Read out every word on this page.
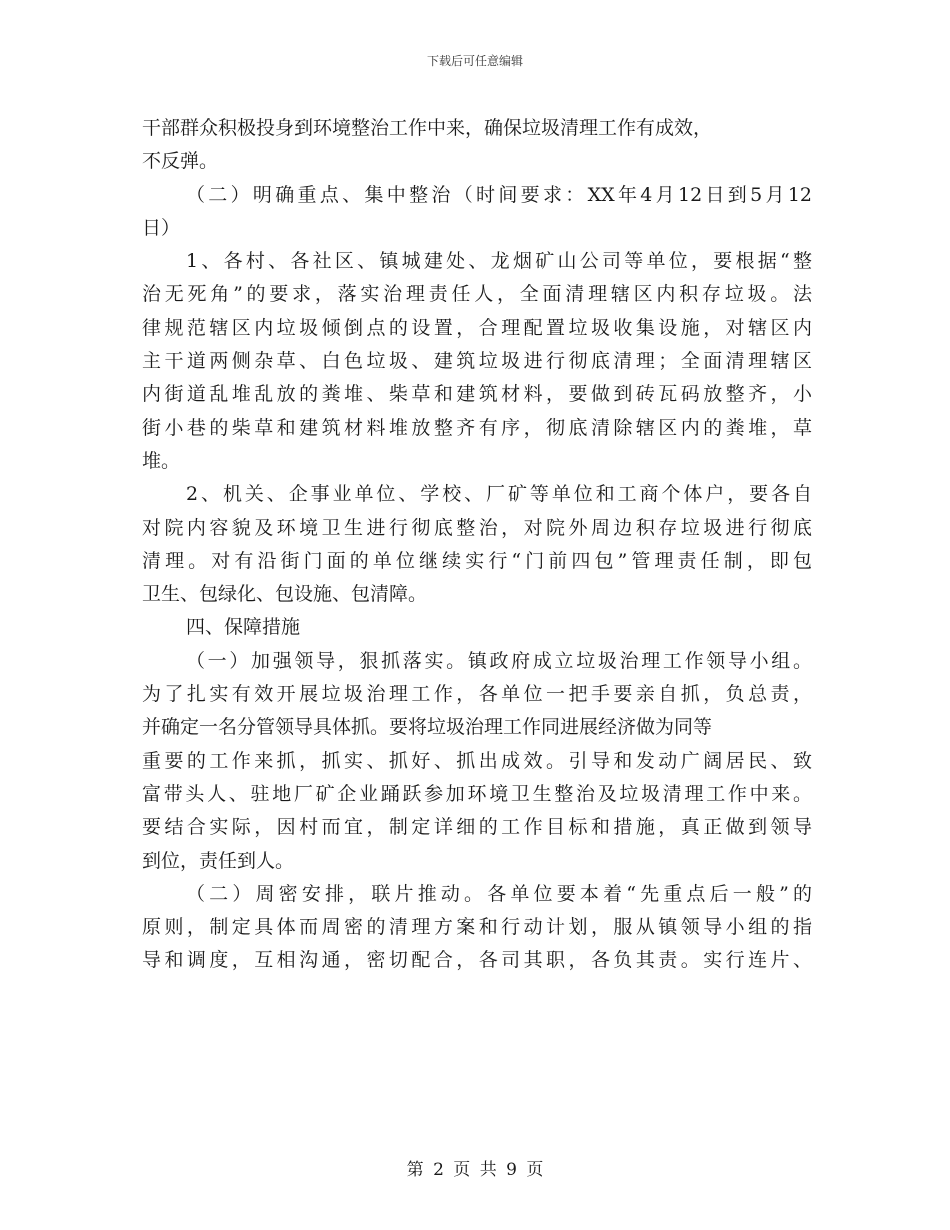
下载后可任意编辑
干部群众积极投身到环境整治工作中来，确保垃圾清理工作有成效，
不反弹。
（二）明确重点、集中整治（时间要求：XX年4月12日到5月12
日）
1、各村、各社区、镇城建处、龙烟矿山公司等单位，要根据“整
治无死角”的要求，落实治理责任人，全面清理辖区内积存垃圾。法
律规范辖区内垃圾倾倒点的设置，合理配置垃圾收集设施，对辖区内
主干道两侧杂草、白色垃圾、建筑垃圾进行彻底清理；全面清理辖区
内街道乱堆乱放的粪堆、柴草和建筑材料，要做到砖瓦码放整齐，小
街小巷的柴草和建筑材料堆放整齐有序，彻底清除辖区内的粪堆，草
堆。
2、机关、企事业单位、学校、厂矿等单位和工商个体户，要各自
对院内容貌及环境卫生进行彻底整治，对院外周边积存垃圾进行彻底
清理。对有沿街门面的单位继续实行“门前四包”管理责任制，即包
卫生、包绿化、包设施、包清障。
四、保障措施
（一）加强领导，狠抓落实。镇政府成立垃圾治理工作领导小组。
为了扎实有效开展垃圾治理工作，各单位一把手要亲自抓，负总责，
并确定一名分管领导具体抓。要将垃圾治理工作同进展经济做为同等
重要的工作来抓，抓实、抓好、抓出成效。引导和发动广阔居民、致
富带头人、驻地厂矿企业踊跃参加环境卫生整治及垃圾清理工作中来。
要结合实际，因村而宜，制定详细的工作目标和措施，真正做到领导
到位，责任到人。
（二）周密安排，联片推动。各单位要本着“先重点后一般”的
原则，制定具体而周密的清理方案和行动计划，服从镇领导小组的指
导和调度，互相沟通，密切配合，各司其职，各负其责。实行连片、
第 2 页 共 9 页
